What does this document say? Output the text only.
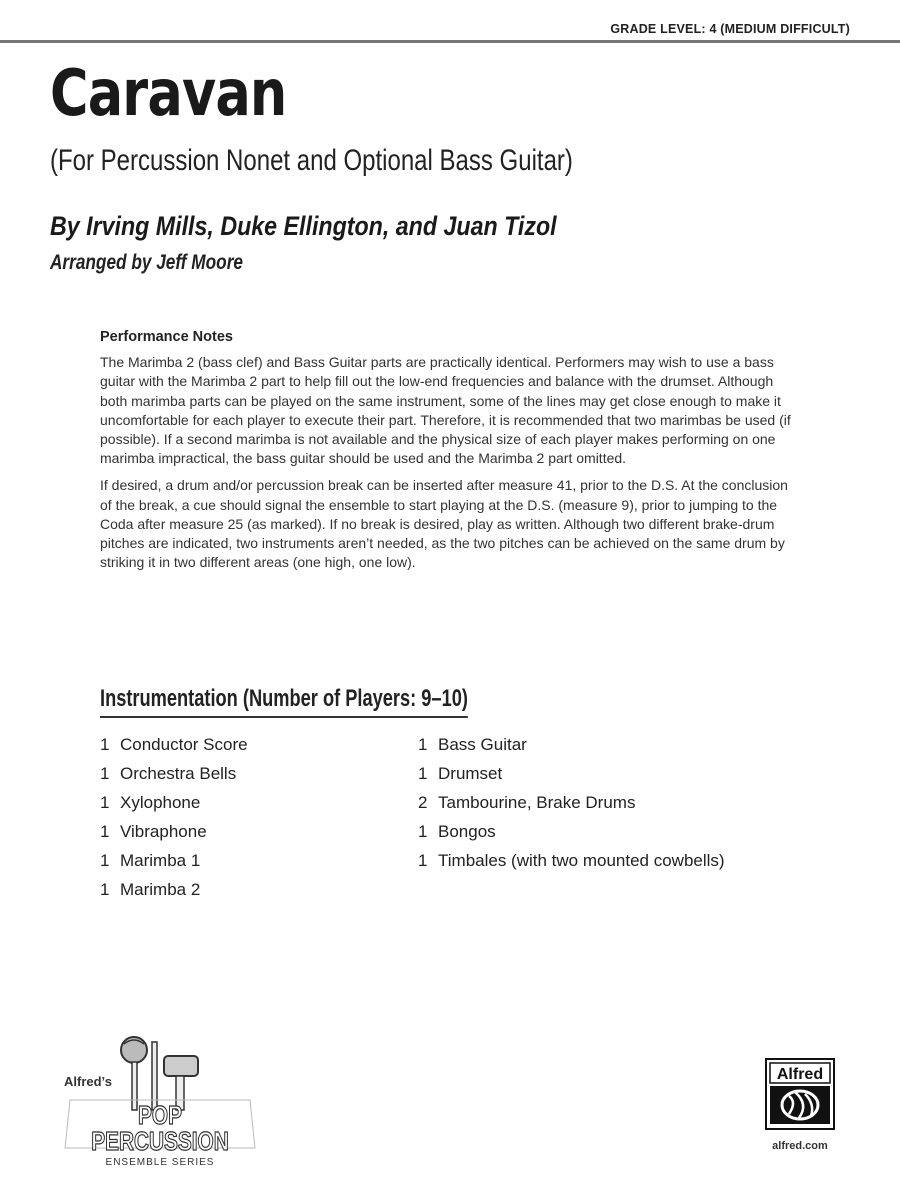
GRADE LEVEL: 4 (MEDIUM DIFFICULT)
Caravan
(For Percussion Nonet and Optional Bass Guitar)
By Irving Mills, Duke Ellington, and Juan Tizol
Arranged by Jeff Moore
Performance Notes

The Marimba 2 (bass clef) and Bass Guitar parts are practically identical. Performers may wish to use a bass guitar with the Marimba 2 part to help fill out the low-end frequencies and balance with the drumset. Although both marimba parts can be played on the same instrument, some of the lines may get close enough to make it uncomfortable for each player to execute their part. Therefore, it is recommended that two marimbas be used (if possible). If a second marimba is not available and the physical size of each player makes performing on one marimba impractical, the bass guitar should be used and the Marimba 2 part omitted.

If desired, a drum and/or percussion break can be inserted after measure 41, prior to the D.S. At the conclusion of the break, a cue should signal the ensemble to start playing at the D.S. (measure 9), prior to jumping to the Coda after measure 25 (as marked). If no break is desired, play as written. Although two different brake-drum pitches are indicated, two instruments aren’t needed, as the two pitches can be achieved on the same drum by striking it in two different areas (one high, one low).

Instrumentation (Number of Players: 9–10)
1 Conductor Score
1 Orchestra Bells
1 Xylophone
1 Vibraphone
1 Marimba 1
1 Marimba 2
1 Bass Guitar
1 Drumset
2 Tambourine, Brake Drums
1 Bongos
1 Timbales (with two mounted cowbells)
Alfred’s
POP PERCUSSION
ENSEMBLE SERIES
Alfred
alfred.com
